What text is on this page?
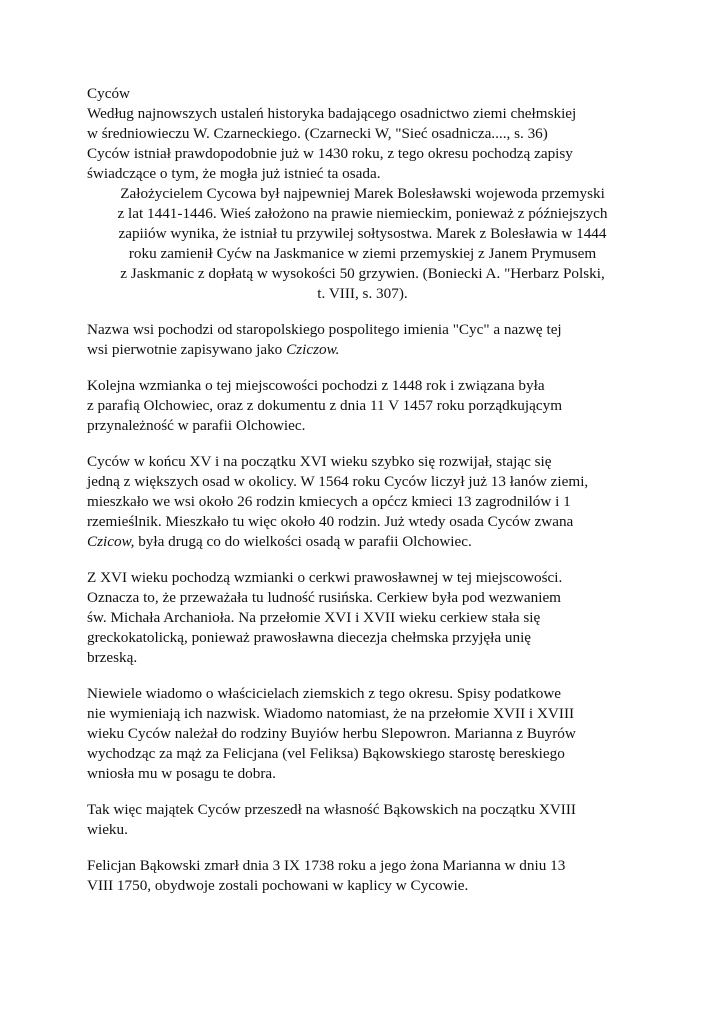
Cyców

Według najnowszych ustaleń historyka badającego osadnictwo ziemi chełmskiej

w średniowieczu W. Czarneckiego. (Czarnecki W, "Sieć osadnicza...., s. 36)

Cyców istniał prawdopodobnie już w 1430 roku, z tego okresu pochodzą zapisy

świadczące o tym, że mogła już istnieć ta osada.

Założycielem Cycowa był najpewniej Marek Bolesławski wojewoda przemyski

z lat 1441-1446. Wieś założono na prawie niemieckim, ponieważ z późniejszych

zapiiów wynika, że istniał tu przywilej sołtysostwa. Marek z Bolesławia w 1444

roku zamienił Cyćw na Jaskmanice w ziemi przemyskiej z Janem Prymusem

z Jaskmanic z dopłatą w wysokości 50 grzywien. (Boniecki A. "Herbarz Polski,

t. VIII, s. 307).

Nazwa wsi pochodzi od staropolskiego pospolitego imienia "Cyc" a nazwę tej

wsi pierwotnie zapisywano jako Cziczow.

Kolejna wzmianka o tej miejscowości pochodzi z 1448 rok i związana była

z parafią Olchowiec, oraz z dokumentu z dnia 11 V 1457 roku porządkującym

przynależność w parafii Olchowiec.

Cyców w końcu XV i na początku XVI wieku szybko się rozwijał, stając się

jedną z większych osad w okolicy. W 1564 roku Cyców liczył już 13 łanów ziemi,

mieszkało we wsi około 26 rodzin kmiecych a općcz kmieci 13 zagrodnilów i 1

rzemieślnik. Mieszkało tu więc około 40 rodzin. Już wtedy osada Cyców zwana

Czicow, była drugą co do wielkości osadą w parafii Olchowiec.

Z XVI wieku pochodzą wzmianki o cerkwi prawosławnej w tej miejscowości.

Oznacza to, że przeważała tu ludność rusińska. Cerkiew była pod wezwaniem

św. Michała Archanioła. Na przełomie XVI i XVII wieku cerkiew stała się

greckokatolicką, ponieważ prawosławna diecezja chełmska przyjęła unię

brzeską.

Niewiele wiadomo o właścicielach ziemskich z tego okresu. Spisy podatkowe

nie wymieniają ich nazwisk. Wiadomo natomiast, że na przełomie XVII i XVIII

wieku Cyców należał do rodziny Buyiów herbu Slepowron. Marianna z Buyrów

wychodząc za mąż za Felicjana (vel Feliksa) Bąkowskiego starostę bereskiego

wniosła mu w posagu te dobra.

Tak więc majątek Cyców przeszedł na własność Bąkowskich na początku XVIII

wieku.

Felicjan Bąkowski zmarł dnia 3 IX 1738 roku a jego żona Marianna w dniu 13

VIII 1750, obydwoje zostali pochowani w kaplicy w Cycowie.
